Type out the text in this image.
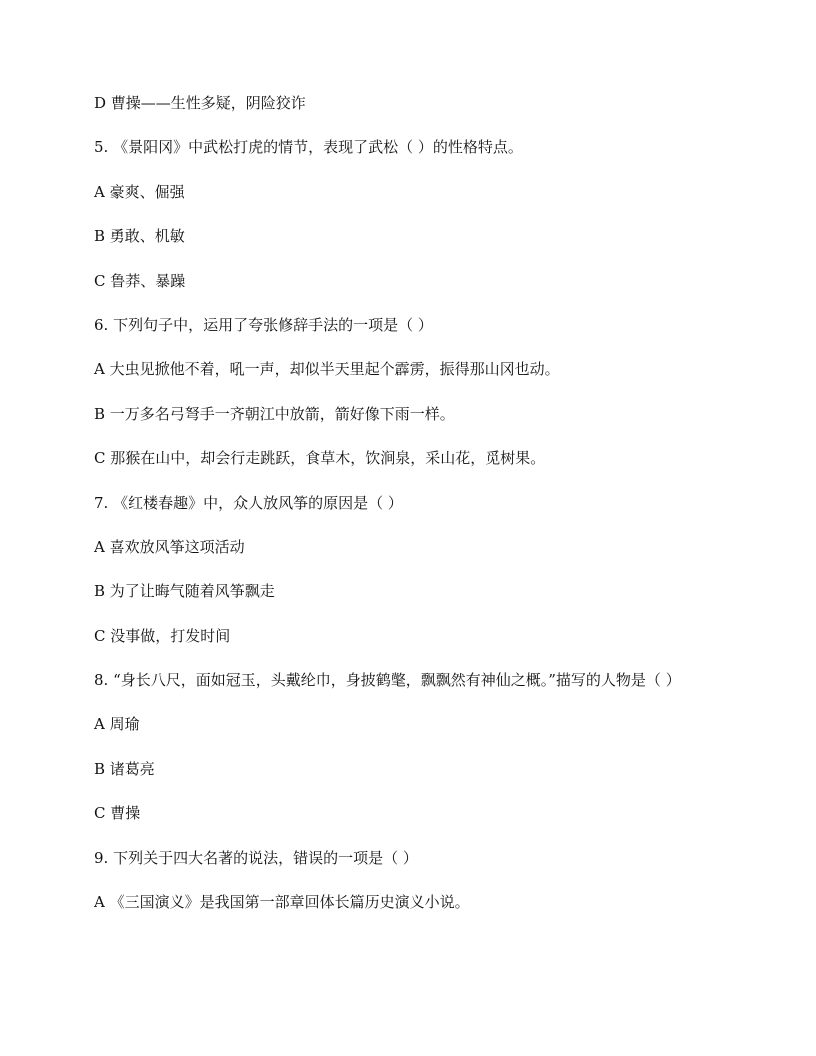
D 曹操——生性多疑，阴险狡诈
5. 《景阳冈》中武松打虎的情节，表现了武松（ ）的性格特点。
A 豪爽、倔强
B 勇敢、机敏
C 鲁莽、暴躁
6. 下列句子中，运用了夸张修辞手法的一项是（ ）
A 大虫见掀他不着，吼一声，却似半天里起个霹雳，振得那山冈也动。
B 一万多名弓弩手一齐朝江中放箭，箭好像下雨一样。
C 那猴在山中，却会行走跳跃，食草木，饮涧泉，采山花，觅树果。
7. 《红楼春趣》中，众人放风筝的原因是（ ）
A 喜欢放风筝这项活动
B 为了让晦气随着风筝飘走
C 没事做，打发时间
8. “身长八尺，面如冠玉，头戴纶巾，身披鹤氅，飘飘然有神仙之概。”描写的人物是（ ）
A 周瑜
B 诸葛亮
C 曹操
9. 下列关于四大名著的说法，错误的一项是（ ）
A 《三国演义》是我国第一部章回体长篇历史演义小说。
